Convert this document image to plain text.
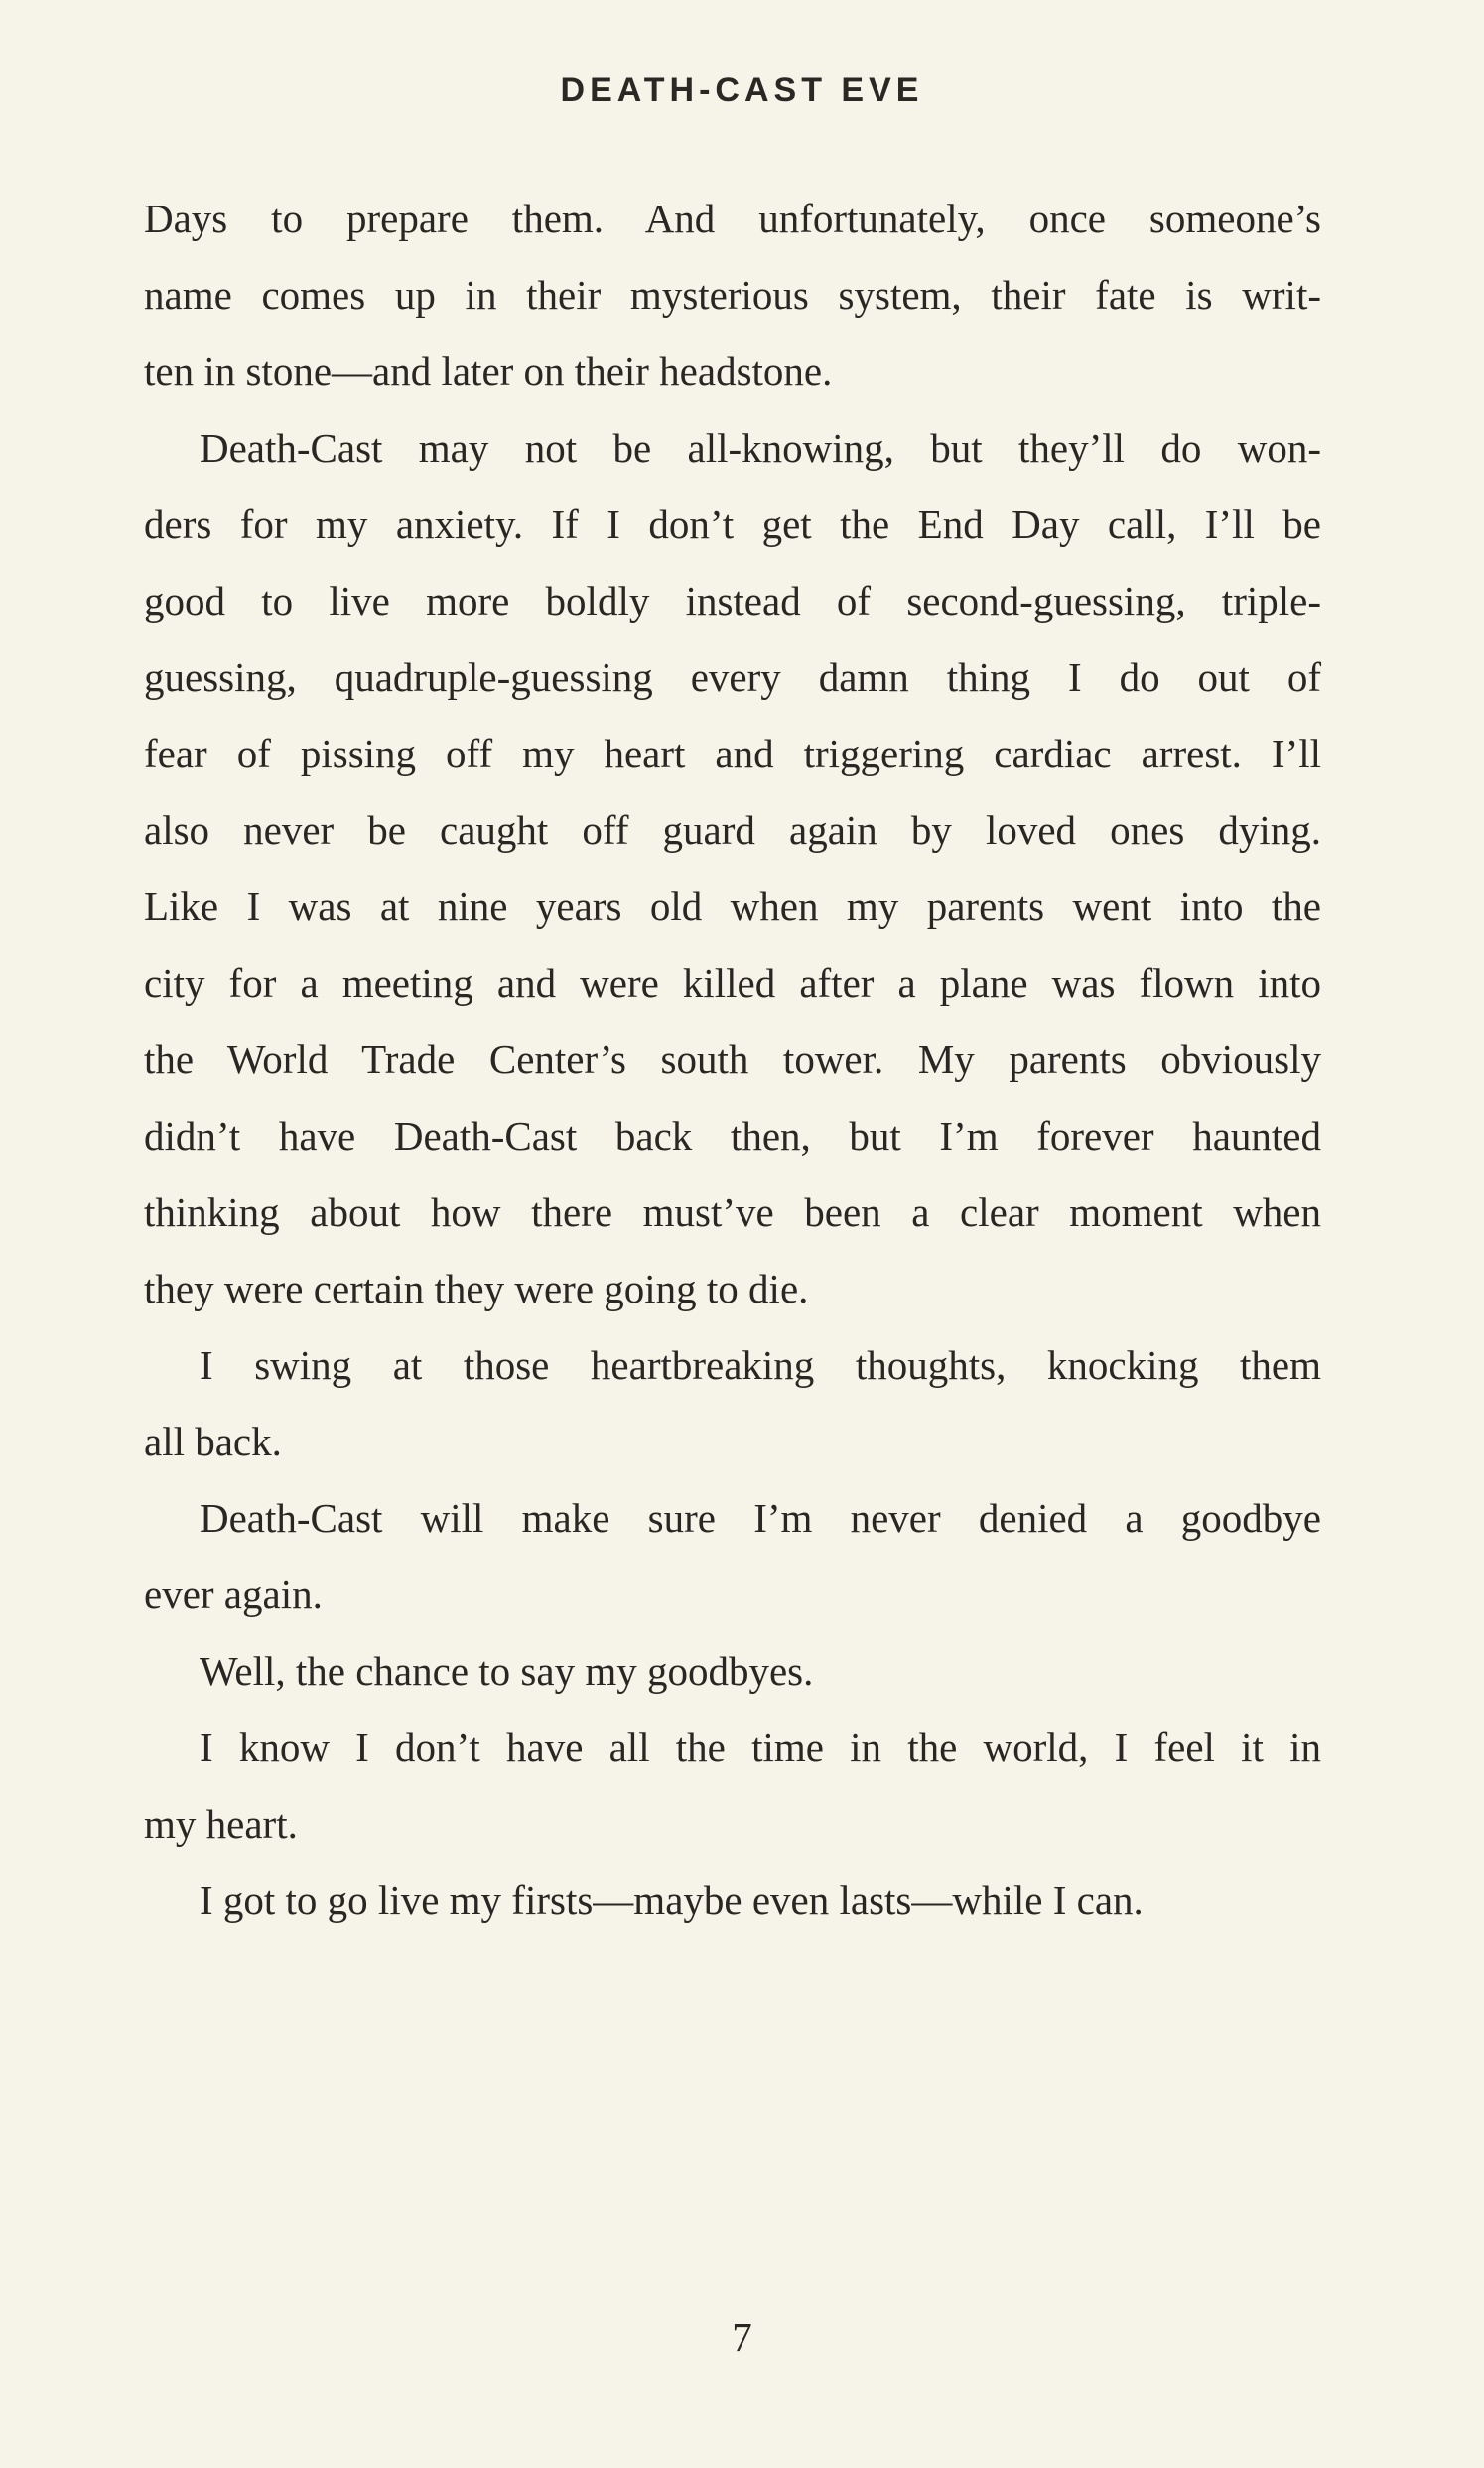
DEATH-CAST EVE
Days to prepare them. And unfortunately, once someone’s
name comes up in their mysterious system, their fate is writ-
ten in stone—and later on their headstone.
Death-Cast may not be all-knowing, but they’ll do won-
ders for my anxiety. If I don’t get the End Day call, I’ll be
good to live more boldly instead of second-guessing, triple-
guessing, quadruple-guessing every damn thing I do out of
fear of pissing off my heart and triggering cardiac arrest. I’ll
also never be caught off guard again by loved ones dying.
Like I was at nine years old when my parents went into the
city for a meeting and were killed after a plane was flown into
the World Trade Center’s south tower. My parents obviously
didn’t have Death-Cast back then, but I’m forever haunted
thinking about how there must’ve been a clear moment when
they were certain they were going to die.
I swing at those heartbreaking thoughts, knocking them
all back.
Death-Cast will make sure I’m never denied a goodbye
ever again.
Well, the chance to say my goodbyes.
I know I don’t have all the time in the world, I feel it in
my heart.
I got to go live my firsts—maybe even lasts—while I can.
7
